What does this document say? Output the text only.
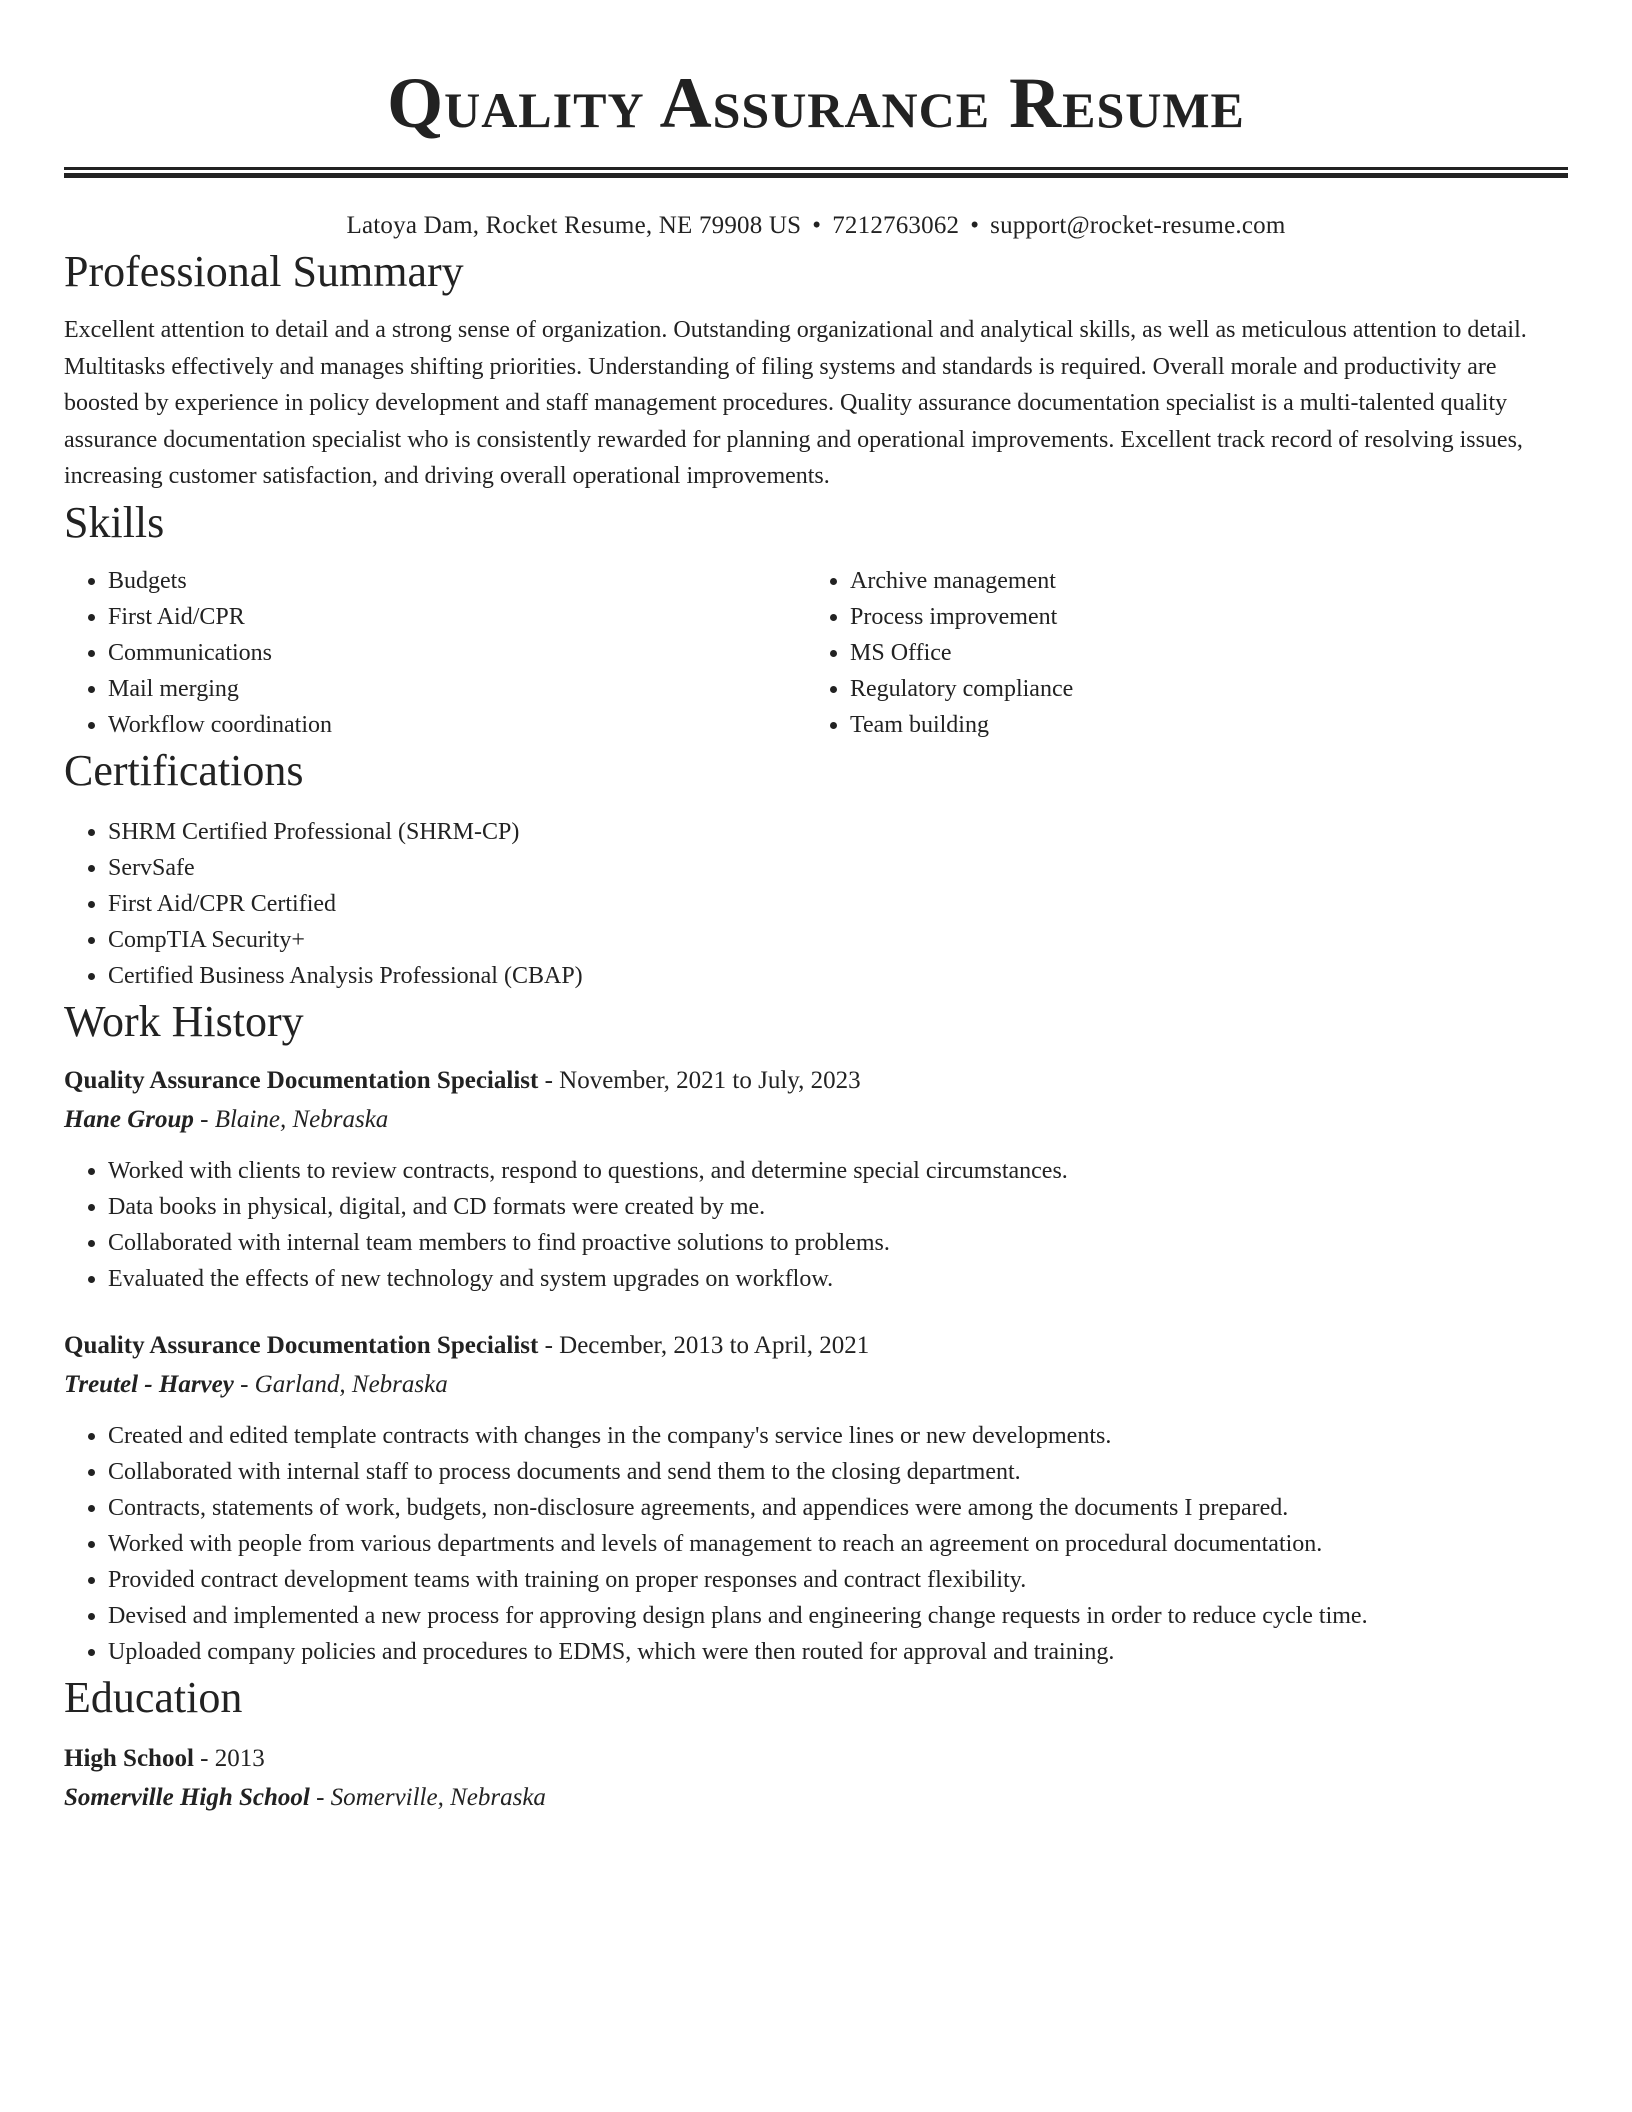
Quality Assurance Resume
Latoya Dam, Rocket Resume, NE 79908 US • 7212763062 • support@rocket-resume.com
Professional Summary

Excellent attention to detail and a strong sense of organization. Outstanding organizational and analytical skills, as well as meticulous attention to detail. Multitasks effectively and manages shifting priorities. Understanding of filing systems and standards is required. Overall morale and productivity are boosted by experience in policy development and staff management procedures. Quality assurance documentation specialist is a multi-talented quality assurance documentation specialist who is consistently rewarded for planning and operational improvements. Excellent track record of resolving issues, increasing customer satisfaction, and driving overall operational improvements.

Skills
• Budgets
• First Aid/CPR
• Communications
• Mail merging
• Workflow coordination
• Archive management
• Process improvement
• MS Office
• Regulatory compliance
• Team building
Certifications
• SHRM Certified Professional (SHRM-CP)
• ServSafe
• First Aid/CPR Certified
• CompTIA Security+
• Certified Business Analysis Professional (CBAP)
Work History
Quality Assurance Documentation Specialist - November, 2021 to July, 2023
Hane Group - Blaine, Nebraska
• Worked with clients to review contracts, respond to questions, and determine special circumstances.
• Data books in physical, digital, and CD formats were created by me.
• Collaborated with internal team members to find proactive solutions to problems.
• Evaluated the effects of new technology and system upgrades on workflow.
Quality Assurance Documentation Specialist - December, 2013 to April, 2021
Treutel - Harvey - Garland, Nebraska
• Created and edited template contracts with changes in the company's service lines or new developments.
• Collaborated with internal staff to process documents and send them to the closing department.
• Contracts, statements of work, budgets, non-disclosure agreements, and appendices were among the documents I prepared.
• Worked with people from various departments and levels of management to reach an agreement on procedural documentation.
• Provided contract development teams with training on proper responses and contract flexibility.
• Devised and implemented a new process for approving design plans and engineering change requests in order to reduce cycle time.
• Uploaded company policies and procedures to EDMS, which were then routed for approval and training.
Education
High School - 2013
Somerville High School - Somerville, Nebraska
